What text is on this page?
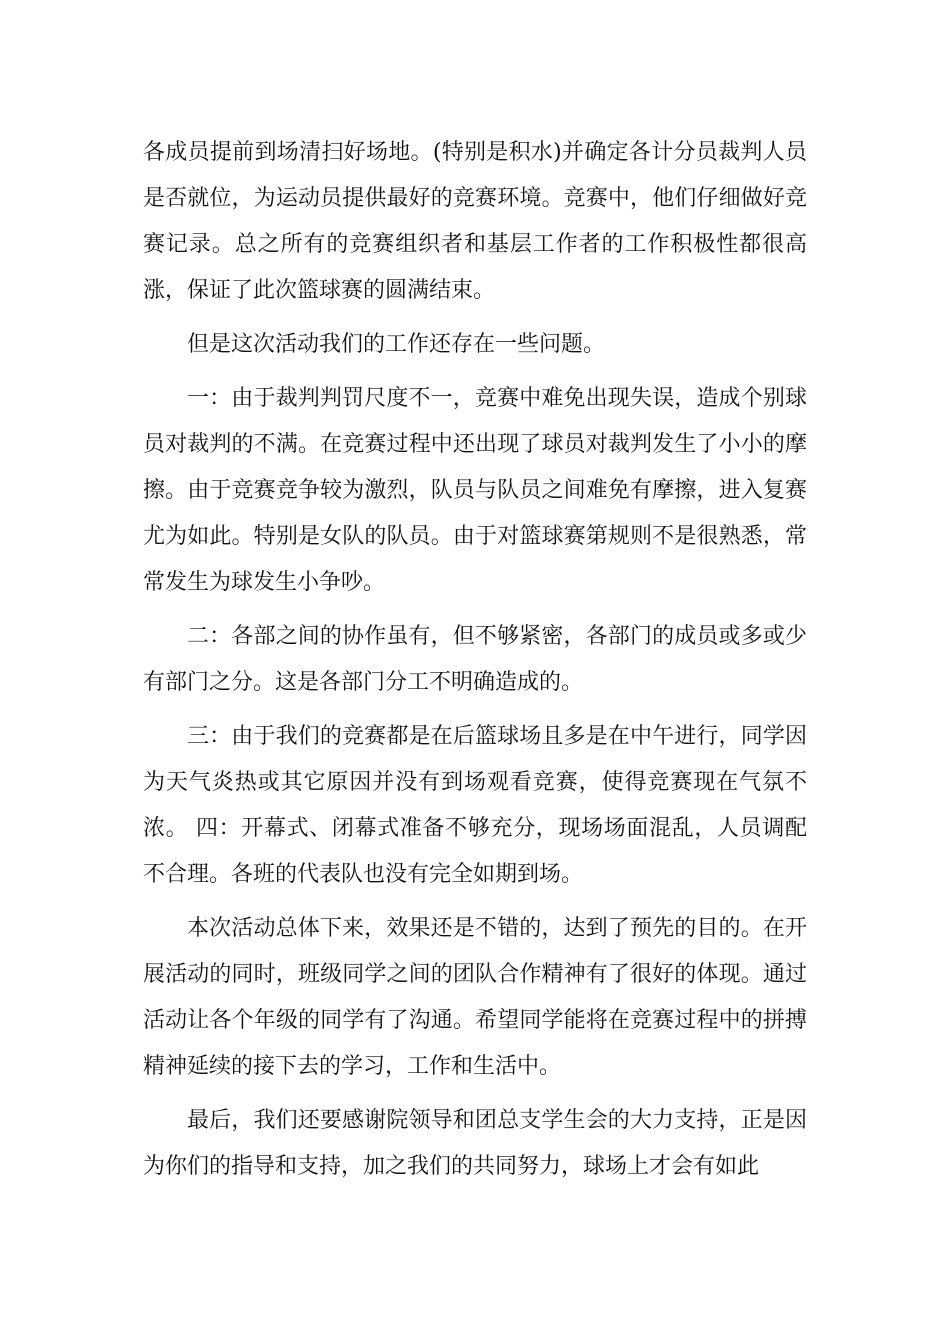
各成员提前到场清扫好场地。(特别是积水)并确定各计分员裁判人员是否就位，为运动员提供最好的竞赛环境。竞赛中，他们仔细做好竞赛记录。总之所有的竞赛组织者和基层工作者的工作积极性都很高涨，保证了此次篮球赛的圆满结束。

但是这次活动我们的工作还存在一些问题。

一：由于裁判判罚尺度不一，竞赛中难免出现失误，造成个别球员对裁判的不满。在竞赛过程中还出现了球员对裁判发生了小小的摩擦。由于竞赛竞争较为激烈，队员与队员之间难免有摩擦，进入复赛尤为如此。特别是女队的队员。由于对篮球赛第规则不是很熟悉，常常发生为球发生小争吵。

二：各部之间的协作虽有，但不够紧密，各部门的成员或多或少有部门之分。这是各部门分工不明确造成的。

三：由于我们的竞赛都是在后篮球场且多是在中午进行，同学因为天气炎热或其它原因并没有到场观看竞赛，使得竞赛现在气氛不浓。 四：开幕式、闭幕式准备不够充分，现场场面混乱，人员调配不合理。各班的代表队也没有完全如期到场。

本次活动总体下来，效果还是不错的，达到了预先的目的。在开展活动的同时，班级同学之间的团队合作精神有了很好的体现。通过活动让各个年级的同学有了沟通。希望同学能将在竞赛过程中的拼搏精神延续的接下去的学习，工作和生活中。

最后，我们还要感谢院领导和团总支学生会的大力支持，正是因为你们的指导和支持，加之我们的共同努力，球场上才会有如此
